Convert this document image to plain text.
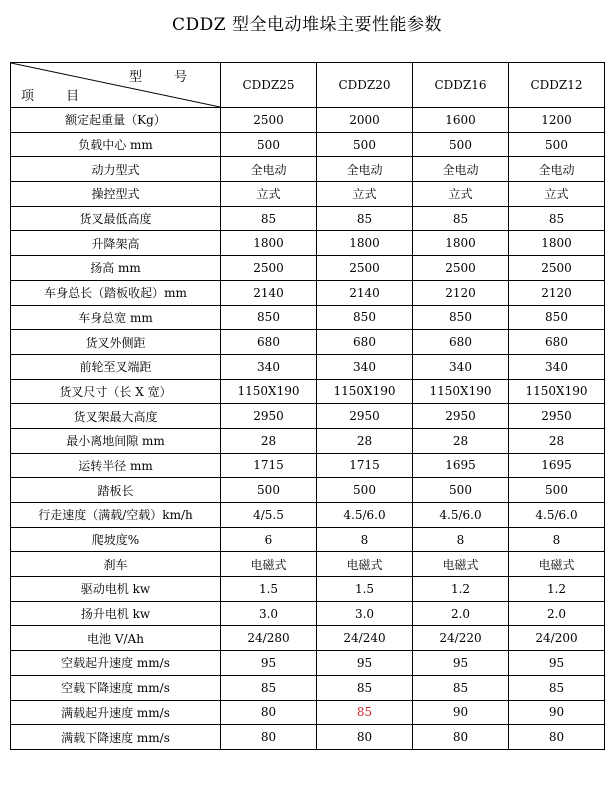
CDDZ 型全电动堆垛主要性能参数
型 号
项 目	CDDZ25	CDDZ20	CDDZ16	CDDZ12
额定起重量（Kg）	2500	2000	1600	1200
负载中心 mm	500	500	500	500
动力型式	全电动	全电动	全电动	全电动
操控型式	立式	立式	立式	立式
货叉最低高度	85	85	85	85
升降架高	1800	1800	1800	1800
扬高 mm	2500	2500	2500	2500
车身总长（踏板收起）mm	2140	2140	2120	2120
车身总宽 mm	850	850	850	850
货叉外侧距	680	680	680	680
前轮至叉端距	340	340	340	340
货叉尺寸（长 X 宽）	1150X190	1150X190	1150X190	1150X190
货叉架最大高度	2950	2950	2950	2950
最小离地间隙 mm	28	28	28	28
运转半径 mm	1715	1715	1695	1695
踏板长	500	500	500	500
行走速度（满载/空载）km/h	4/5.5	4.5/6.0	4.5/6.0	4.5/6.0
爬坡度%	6	8	8	8
刹车	电磁式	电磁式	电磁式	电磁式
驱动电机 kw	1.5	1.5	1.2	1.2
扬升电机 kw	3.0	3.0	2.0	2.0
电池 V/Ah	24/280	24/240	24/220	24/200
空载起升速度 mm/s	95	95	95	95
空载下降速度 mm/s	85	85	85	85
满载起升速度 mm/s	80	85	90	90
满载下降速度 mm/s	80	80	80	80
